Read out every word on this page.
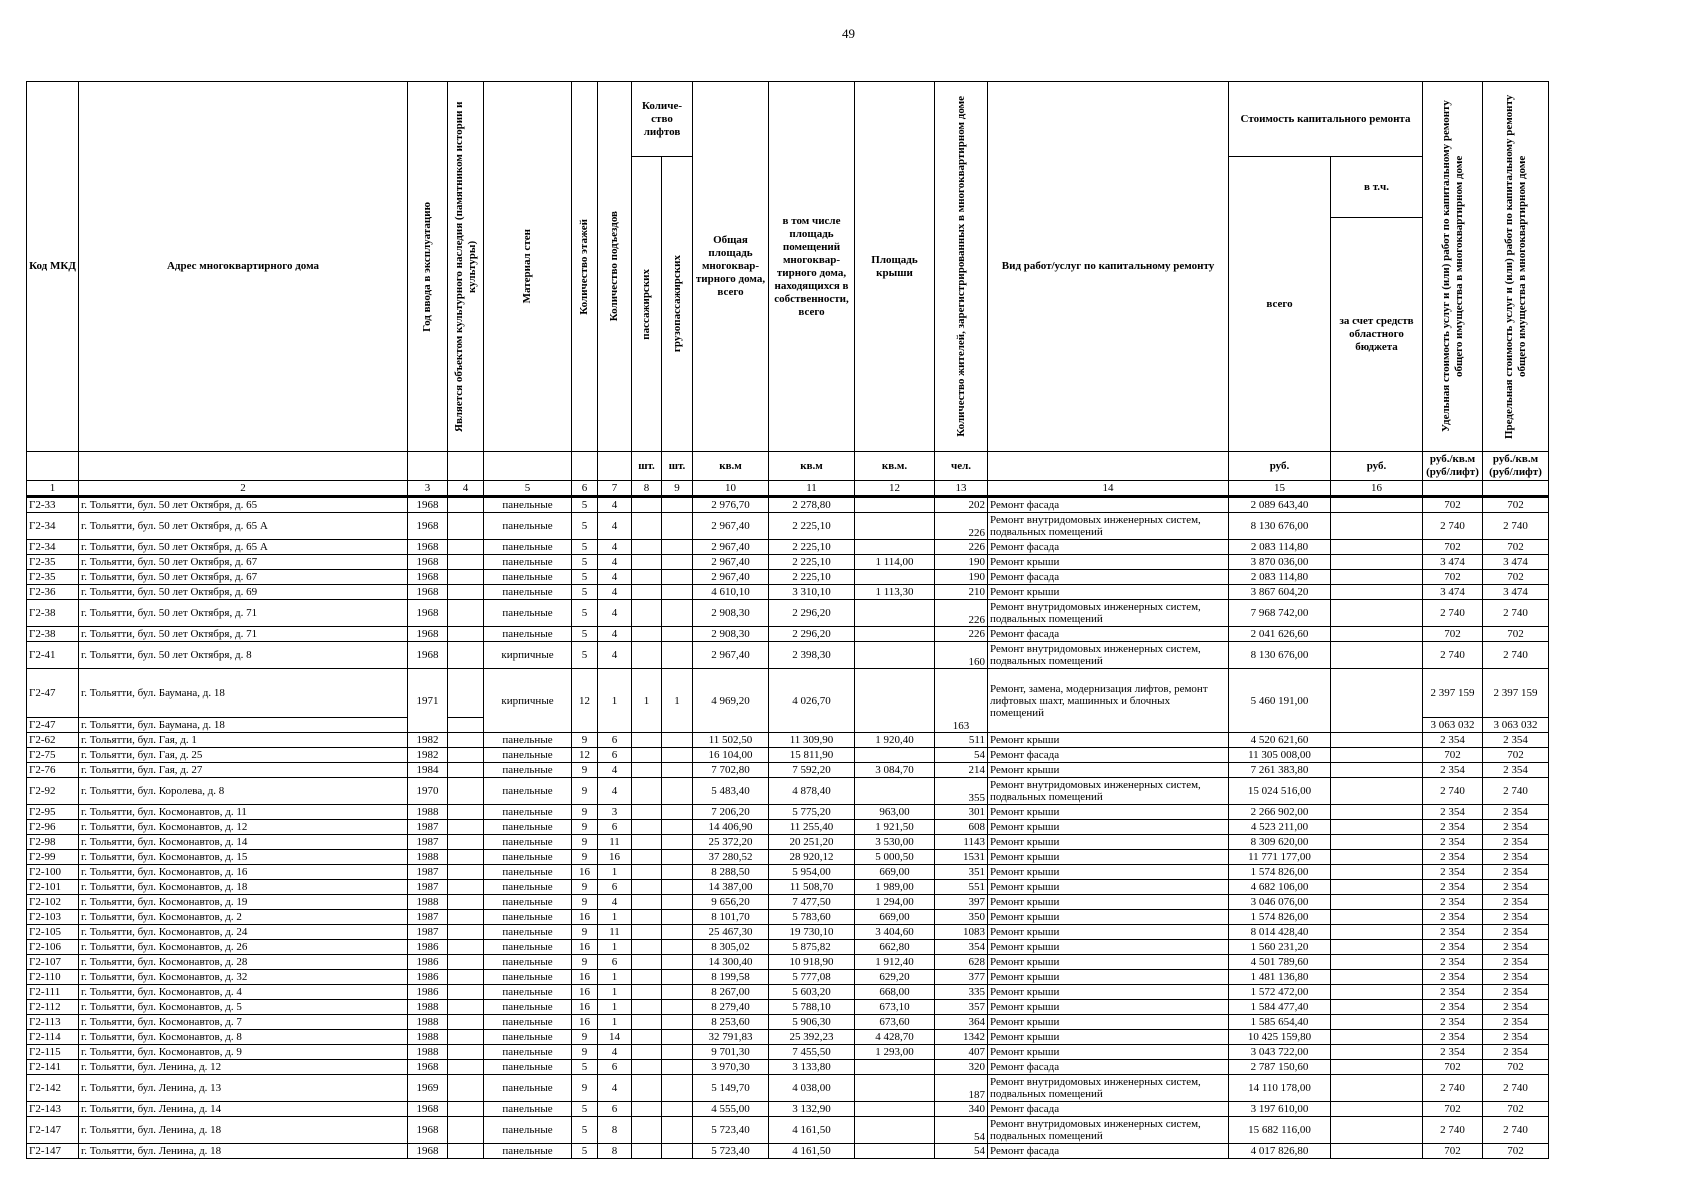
49
Код МКД	Адрес многоквартирного дома	Год ввода в эксплуатацию	Является объектом культурного наследия (памятником истории и культуры)	Материал стен	Количество этажей	Количество подъездов	Количе- ство лифтов		Общая площадь многоквар- тирного дома, всего	в том числе площадь помещений многоквар- тирного дома, находящихся в собственности, всего	Площадь крыши	Количество жителей, зарегистрированных в многоквартирном доме	Вид работ/услуг по капитальному ремонту	Стоимость капитального ремонта		Удельная стоимость услуг и (или) работ по капитальному ремонту общего имущества в многоквартирном доме	Предельная стоимость услуг и (или) работ по капитальному ремонту общего имущества в многоквартирном доме

							пассажирских	грузопассажирских						всего	в т.ч.		
															за счет средств областного бюджета		
							шт.	шт.	кв.м	кв.м	кв.м.	чел.		руб.	руб.	руб./кв.м (руб/лифт)	руб./кв.м (руб/лифт)
1	2	3	4	5	6	7	8	9	10	11	12	13	14	15	16		
Г2-33	г. Тольятти, бул. 50 лет Октября, д. 65	1968		панельные	5	4			2 976,70	2 278,80		202	Ремонт фасада	2 089 643,40		702	702
Г2-34	г. Тольятти, бул. 50 лет Октября, д. 65 А	1968		панельные	5	4			2 967,40	2 225,10		226	Ремонт внутридомовых инженерных систем, подвальных помещений	8 130 676,00		2 740	2 740
Г2-34	г. Тольятти, бул. 50 лет Октября, д. 65 А	1968		панельные	5	4			2 967,40	2 225,10		226	Ремонт фасада	2 083 114,80		702	702
Г2-35	г. Тольятти, бул. 50 лет Октября, д. 67	1968		панельные	5	4			2 967,40	2 225,10	1 114,00	190	Ремонт крыши	3 870 036,00		3 474	3 474
Г2-35	г. Тольятти, бул. 50 лет Октября, д. 67	1968		панельные	5	4			2 967,40	2 225,10		190	Ремонт фасада	2 083 114,80		702	702
Г2-36	г. Тольятти, бул. 50 лет Октября, д. 69	1968		панельные	5	4			4 610,10	3 310,10	1 113,30	210	Ремонт крыши	3 867 604,20		3 474	3 474
Г2-38	г. Тольятти, бул. 50 лет Октября, д. 71	1968		панельные	5	4			2 908,30	2 296,20		226	Ремонт внутридомовых инженерных систем, подвальных помещений	7 968 742,00		2 740	2 740
Г2-38	г. Тольятти, бул. 50 лет Октября, д. 71	1968		панельные	5	4			2 908,30	2 296,20		226	Ремонт фасада	2 041 626,60		702	702
Г2-41	г. Тольятти, бул. 50 лет Октября, д. 8	1968		кирпичные	5	4			2 967,40	2 398,30		160	Ремонт внутридомовых инженерных систем, подвальных помещений	8 130 676,00		2 740	2 740
Г2-47	г. Тольятти, бул. Баумана, д. 18	1971		кирпичные	12	1	1	1	4 969,20	4 026,70		163	Ремонт, замена, модернизация лифтов, ремонт лифтовых шахт, машинных и блочных помещений	5 460 191,00		2 397 159	2 397 159
Г2-47	г. Тольятти, бул. Баумана, д. 18															3 063 032	3 063 032
Г2-62	г. Тольятти, бул. Гая, д. 1	1982		панельные	9	6			11 502,50	11 309,90	1 920,40	511	Ремонт крыши	4 520 621,60		2 354	2 354
Г2-75	г. Тольятти, бул. Гая, д. 25	1982		панельные	12	6			16 104,00	15 811,90		54	Ремонт фасада	11 305 008,00		702	702
Г2-76	г. Тольятти, бул. Гая, д. 27	1984		панельные	9	4			7 702,80	7 592,20	3 084,70	214	Ремонт крыши	7 261 383,80		2 354	2 354
Г2-92	г. Тольятти, бул. Королева, д. 8	1970		панельные	9	4			5 483,40	4 878,40		355	Ремонт внутридомовых инженерных систем, подвальных помещений	15 024 516,00		2 740	2 740
Г2-95	г. Тольятти, бул. Космонавтов, д. 11	1988		панельные	9	3			7 206,20	5 775,20	963,00	301	Ремонт крыши	2 266 902,00		2 354	2 354
Г2-96	г. Тольятти, бул. Космонавтов, д. 12	1987		панельные	9	6			14 406,90	11 255,40	1 921,50	608	Ремонт крыши	4 523 211,00		2 354	2 354
Г2-98	г. Тольятти, бул. Космонавтов, д. 14	1987		панельные	9	11			25 372,20	20 251,20	3 530,00	1143	Ремонт крыши	8 309 620,00		2 354	2 354
Г2-99	г. Тольятти, бул. Космонавтов, д. 15	1988		панельные	9	16			37 280,52	28 920,12	5 000,50	1531	Ремонт крыши	11 771 177,00		2 354	2 354
Г2-100	г. Тольятти, бул. Космонавтов, д. 16	1987		панельные	16	1			8 288,50	5 954,00	669,00	351	Ремонт крыши	1 574 826,00		2 354	2 354
Г2-101	г. Тольятти, бул. Космонавтов, д. 18	1987		панельные	9	6			14 387,00	11 508,70	1 989,00	551	Ремонт крыши	4 682 106,00		2 354	2 354
Г2-102	г. Тольятти, бул. Космонавтов, д. 19	1988		панельные	9	4			9 656,20	7 477,50	1 294,00	397	Ремонт крыши	3 046 076,00		2 354	2 354
Г2-103	г. Тольятти, бул. Космонавтов, д. 2	1987		панельные	16	1			8 101,70	5 783,60	669,00	350	Ремонт крыши	1 574 826,00		2 354	2 354
Г2-105	г. Тольятти, бул. Космонавтов, д. 24	1987		панельные	9	11			25 467,30	19 730,10	3 404,60	1083	Ремонт крыши	8 014 428,40		2 354	2 354
Г2-106	г. Тольятти, бул. Космонавтов, д. 26	1986		панельные	16	1			8 305,02	5 875,82	662,80	354	Ремонт крыши	1 560 231,20		2 354	2 354
Г2-107	г. Тольятти, бул. Космонавтов, д. 28	1986		панельные	9	6			14 300,40	10 918,90	1 912,40	628	Ремонт крыши	4 501 789,60		2 354	2 354
Г2-110	г. Тольятти, бул. Космонавтов, д. 32	1986		панельные	16	1			8 199,58	5 777,08	629,20	377	Ремонт крыши	1 481 136,80		2 354	2 354
Г2-111	г. Тольятти, бул. Космонавтов, д. 4	1986		панельные	16	1			8 267,00	5 603,20	668,00	335	Ремонт крыши	1 572 472,00		2 354	2 354
Г2-112	г. Тольятти, бул. Космонавтов, д. 5	1988		панельные	16	1			8 279,40	5 788,10	673,10	357	Ремонт крыши	1 584 477,40		2 354	2 354
Г2-113	г. Тольятти, бул. Космонавтов, д. 7	1988		панельные	16	1			8 253,60	5 906,30	673,60	364	Ремонт крыши	1 585 654,40		2 354	2 354
Г2-114	г. Тольятти, бул. Космонавтов, д. 8	1988		панельные	9	14			32 791,83	25 392,23	4 428,70	1342	Ремонт крыши	10 425 159,80		2 354	2 354
Г2-115	г. Тольятти, бул. Космонавтов, д. 9	1988		панельные	9	4			9 701,30	7 455,50	1 293,00	407	Ремонт крыши	3 043 722,00		2 354	2 354
Г2-141	г. Тольятти, бул. Ленина, д. 12	1968		панельные	5	6			3 970,30	3 133,80		320	Ремонт фасада	2 787 150,60		702	702
Г2-142	г. Тольятти, бул. Ленина, д. 13	1969		панельные	9	4			5 149,70	4 038,00		187	Ремонт внутридомовых инженерных систем, подвальных помещений	14 110 178,00		2 740	2 740
Г2-143	г. Тольятти, бул. Ленина, д. 14	1968		панельные	5	6			4 555,00	3 132,90		340	Ремонт фасада	3 197 610,00		702	702
Г2-147	г. Тольятти, бул. Ленина, д. 18	1968		панельные	5	8			5 723,40	4 161,50		54	Ремонт внутридомовых инженерных систем, подвальных помещений	15 682 116,00		2 740	2 740
Г2-147	г. Тольятти, бул. Ленина, д. 18	1968		панельные	5	8			5 723,40	4 161,50		54	Ремонт фасада	4 017 826,80		702	702
